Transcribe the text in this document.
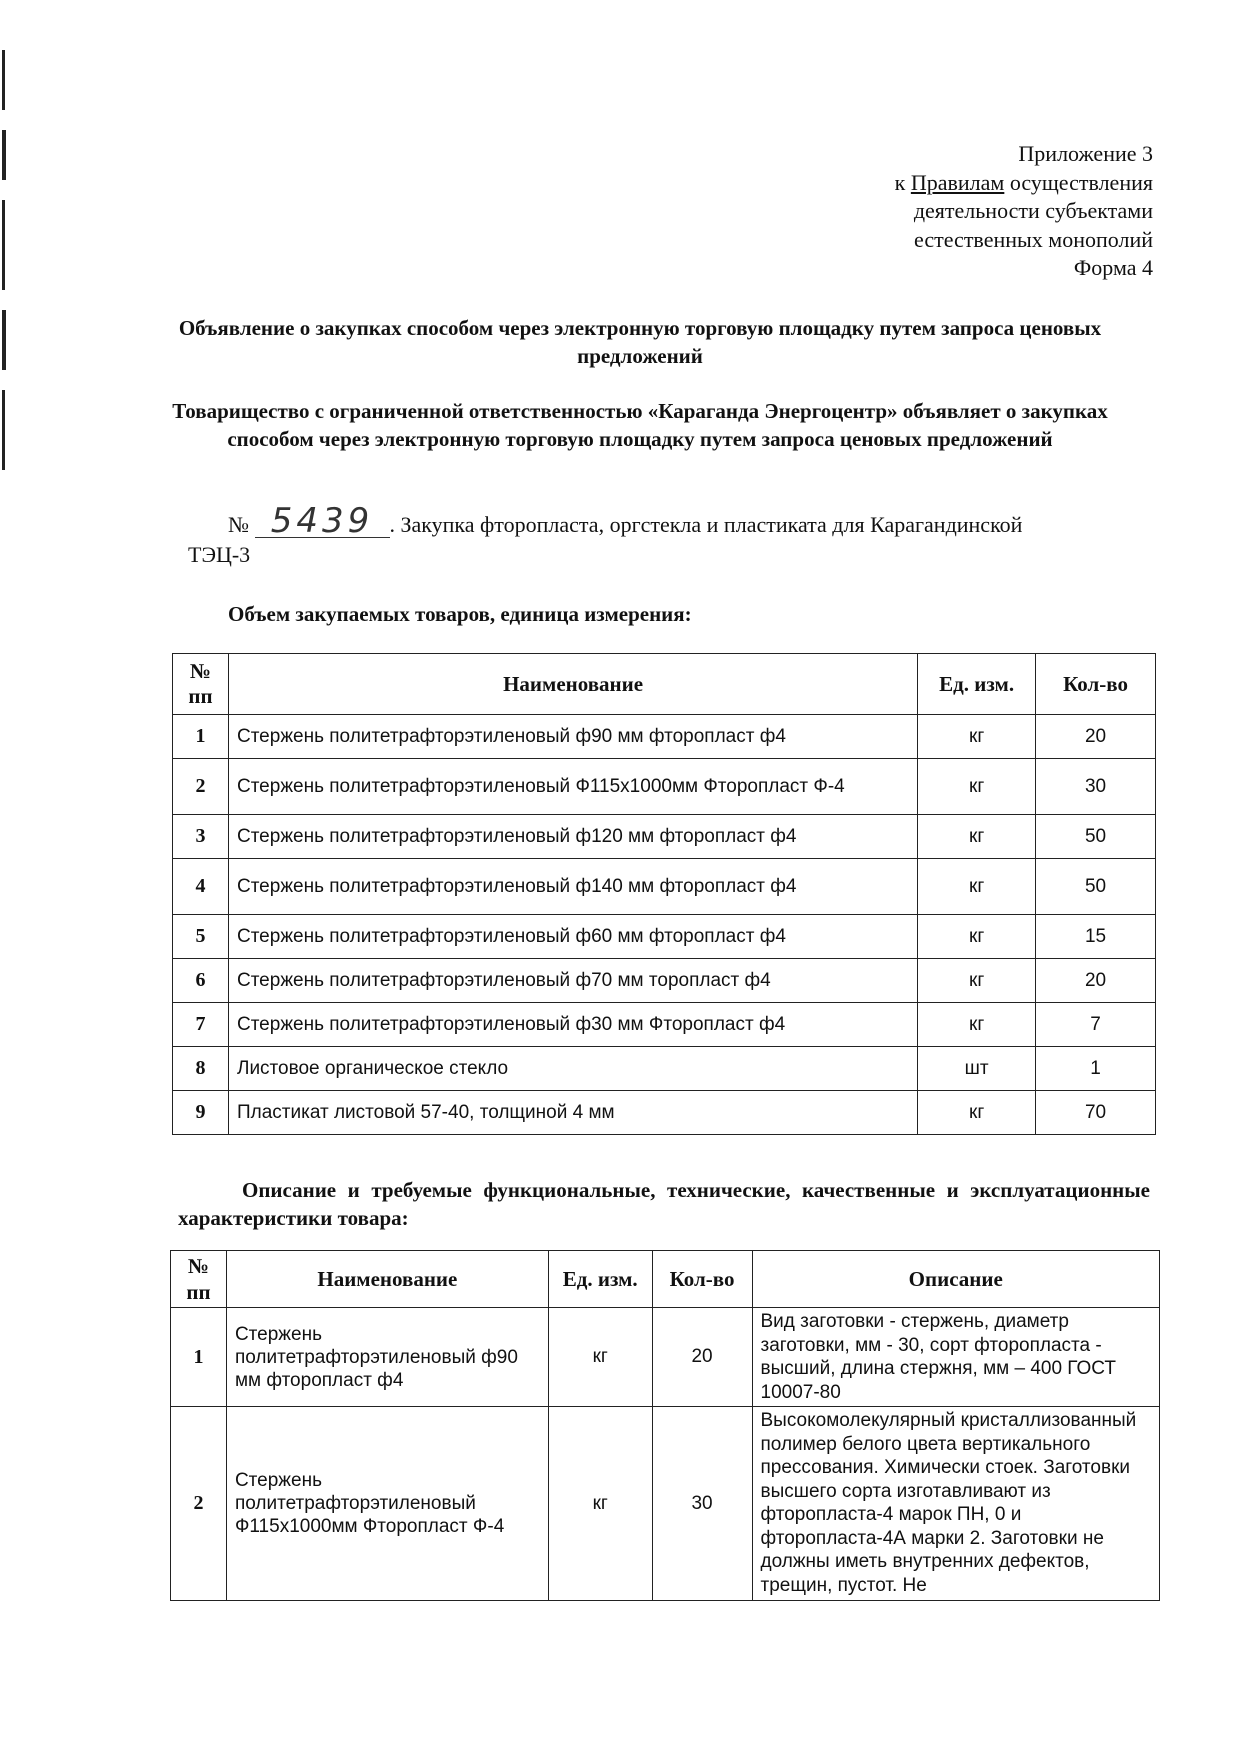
Приложение 3
к Правилам осуществления
деятельности субъектами
естественных монополий
Форма 4
Объявление о закупках способом через электронную торговую площадку путем запроса ценовых предложений
Товарищество с ограниченной ответственностью «Караганда Энергоцентр» объявляет о закупках способом через электронную торговую площадку путем запроса ценовых предложений
№ 5439 . Закупка фторопласта, оргстекла и пластиката для Карагандинской
ТЭЦ-3
Объем закупаемых товаров, единица измерения:
№ пп	Наименование	Ед. изм.	Кол-во
1	Стержень политетрафторэтиленовый ф90 мм фторопласт ф4	кг	20
2	Стержень политетрафторэтиленовый Ф115х1000мм Фторопласт Ф-4	кг	30
3	Стержень политетрафторэтиленовый ф120 мм фторопласт ф4	кг	50
4	Стержень политетрафторэтиленовый ф140 мм фторопласт ф4	кг	50
5	Стержень политетрафторэтиленовый ф60 мм фторопласт ф4	кг	15
6	Стержень политетрафторэтиленовый ф70 мм торопласт ф4	кг	20
7	Стержень политетрафторэтиленовый ф30 мм Фторопласт ф4	кг	7
8	Листовое органическое стекло	шт	1
9	Пластикат листовой 57-40, толщиной 4 мм	кг	70
Описание и требуемые функциональные, технические, качественные и эксплуатационные характеристики товара:
№ пп	Наименование	Ед. изм.	Кол-во	Описание
1	Стержень политетрафторэтиленовый ф90 мм фторопласт ф4	кг	20	Вид заготовки - стержень, диаметр заготовки, мм - 30, сорт фторопласта - высший, длина стержня, мм – 400 ГОСТ 10007-80
2	Стержень политетрафторэтиленовый Ф115х1000мм Фторопласт Ф-4	кг	30	Высокомолекулярный кристаллизованный полимер белого цвета вертикального прессования. Химически стоек. Заготовки высшего сорта изготавливают из фторопласта-4 марок ПН, 0 и фторопласта-4А марки 2. Заготовки не должны иметь внутренних дефектов, трещин, пустот. Не
